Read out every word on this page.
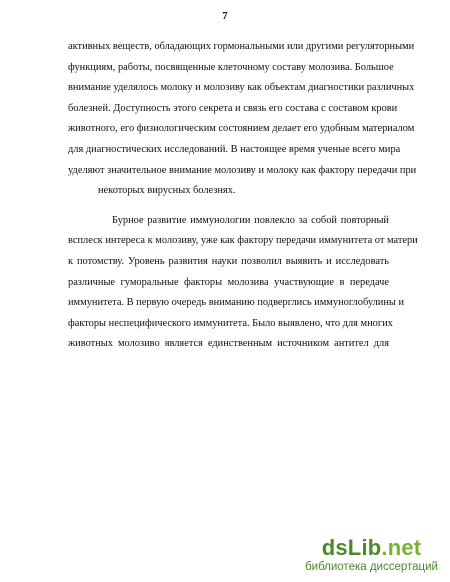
7
активных веществ, обладающих гормональными или другими регуляторными
функциям, работы, посвященные клеточному составу молозива. Большое
внимание уделялось молоку и молозиву как объектам диагностики различных
болезней. Доступность этого секрета и связь его состава с составом крови
животного, его физиологическим состоянием делает его удобным материалом
для диагностических исследований. В настоящее время ученые всего мира
уделяют значительное внимание молозиву и молоку как фактору передачи при
некоторых вирусных болезнях.
Бурное развитие иммунологии повлекло за собой повторный
всплеск интереса к молозиву, уже как фактору передачи иммунитета от матери
к потомству. Уровень развития науки позволил выявить и исследовать
различные гуморальные факторы молозива участвующие в передаче
иммунитета. В первую очередь вниманию подверглись иммуноглобулины и
факторы неспецифического иммунитета. Было выявлено, что для многих
животных молозиво является единственным источником антител для
dsLib.net
библиотека диссертаций
